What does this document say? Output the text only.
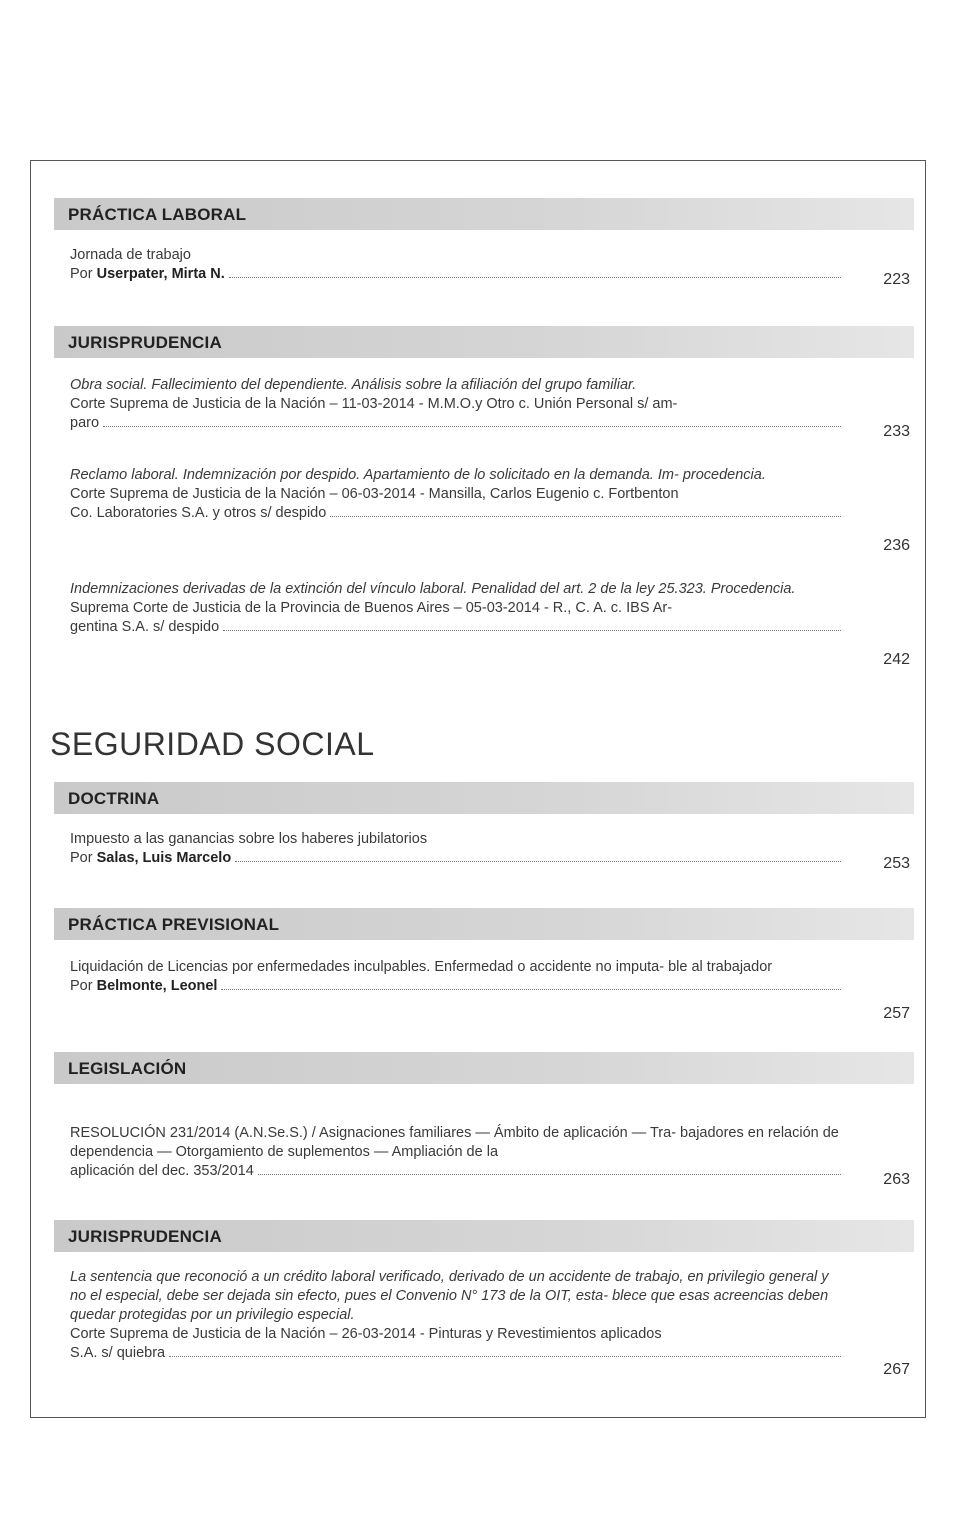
PRÁCTICA LABORAL
Jornada de trabajo
Por
Userpater, Mirta N.	223
JURISPRUDENCIA
Obra social. Fallecimiento del dependiente. Análisis sobre la afiliación del grupo familiar.
Corte Suprema de Justicia de la Nación – 11-03-2014 - M.M.O.y Otro c. Unión Personal s/ am-
paro	233
Reclamo laboral. Indemnización por despido. Apartamiento de lo solicitado en la demanda. Im- procedencia.
Corte Suprema de Justicia de la Nación – 06-03-2014 - Mansilla, Carlos Eugenio c. Fortbenton
Co. Laboratories S.A. y otros s/ despido
236
Indemnizaciones derivadas de la extinción del vínculo laboral. Penalidad del art. 2 de la ley 25.323. Procedencia.
Suprema Corte de Justicia de la Provincia de Buenos Aires – 05-03-2014 - R., C. A. c. IBS Ar-
gentina S.A. s/ despido
242
SEGURIDAD SOCIAL
DOCTRINA
Impuesto a las ganancias sobre los haberes jubilatorios
Por
Salas, Luis Marcelo	253
PRÁCTICA PREVISIONAL
Liquidación de Licencias por enfermedades inculpables. Enfermedad o accidente no imputa- ble al trabajador
Por
Belmonte, Leonel
257
LEGISLACIÓN
RESOLUCIÓN 231/2014 (A.N.Se.S.) / Asignaciones familiares — Ámbito de aplicación — Tra- bajadores en relación de dependencia — Otorgamiento de suplementos — Ampliación de la
aplicación del dec. 353/2014	263
JURISPRUDENCIA
La sentencia que reconoció a un crédito laboral verificado, derivado de un accidente de trabajo, en privilegio general y no el especial, debe ser dejada sin efecto, pues el Convenio N° 173 de la OIT, esta- blece que esas acreencias deben quedar protegidas por un privilegio especial.
Corte Suprema de Justicia de la Nación – 26-03-2014 - Pinturas y Revestimientos aplicados
S.A. s/ quiebra
267
